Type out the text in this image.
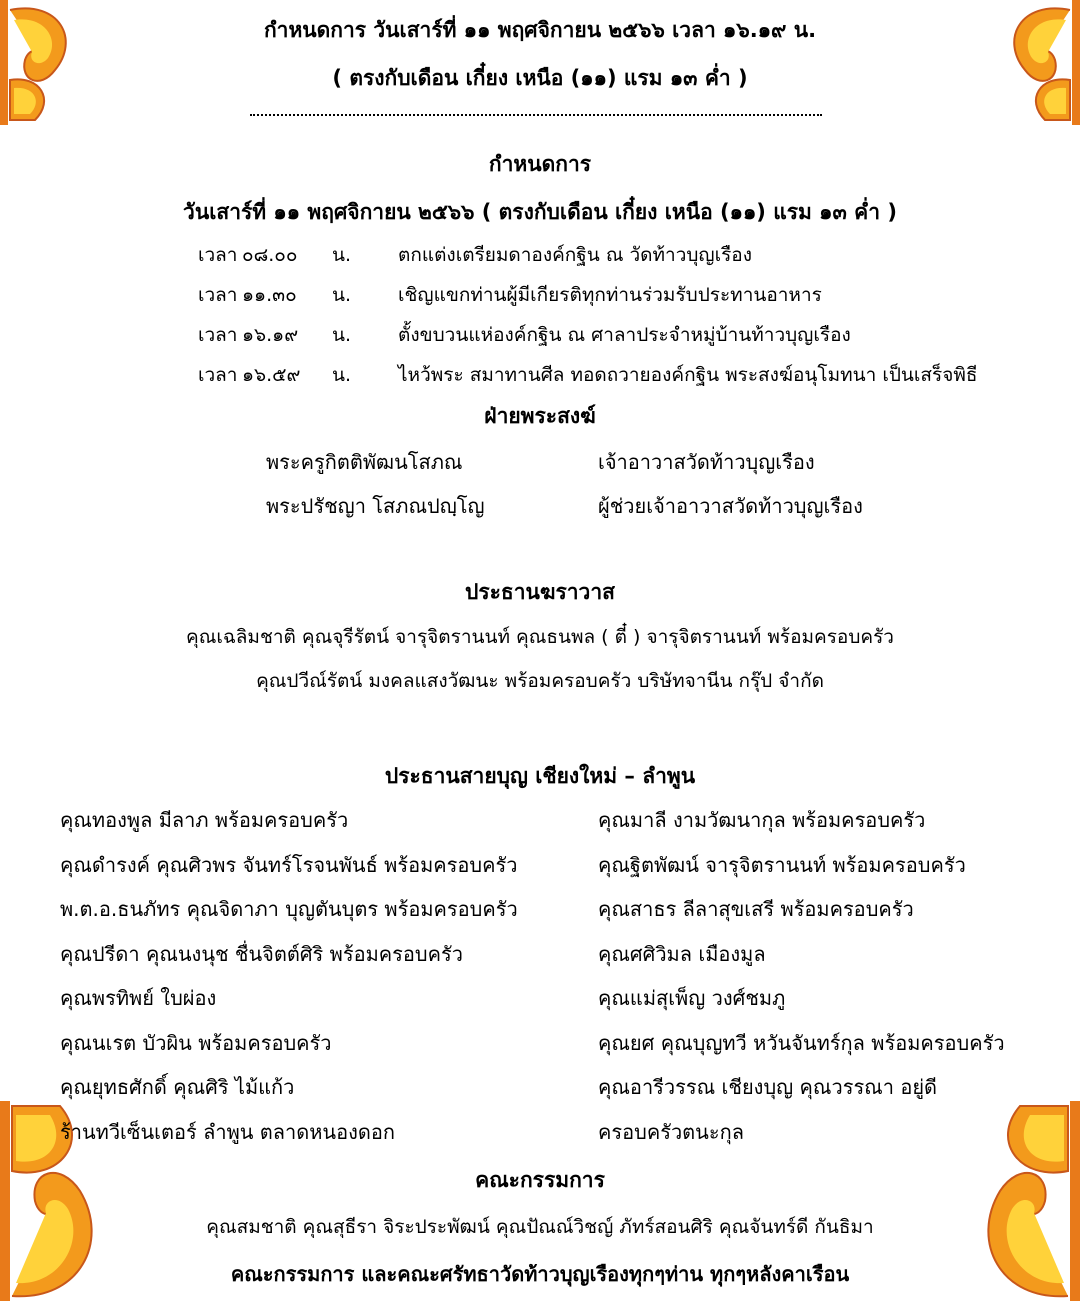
กำหนดการ วันเสาร์ที่ ๑๑ พฤศจิกายน ๒๕๖๖ เวลา ๑๖.๑๙ น.
( ตรงกับเดือน เกี๋ยง เหนือ (๑๑) แรม ๑๓ ค่ำ )
กำหนดการ
วันเสาร์ที่ ๑๑ พฤศจิกายน ๒๕๖๖ ( ตรงกับเดือน เกี๋ยง เหนือ (๑๑) แรม ๑๓ ค่ำ )
เวลา ๐๘.๐๐ น. ตกแต่งเตรียมดาองค์กฐิน ณ วัดท้าวบุญเรือง
เวลา ๑๑.๓๐ น. เชิญแขกท่านผู้มีเกียรติทุกท่านร่วมรับประทานอาหาร
เวลา ๑๖.๑๙ น. ตั้งขบวนแห่องค์กฐิน ณ ศาลาประจำหมู่บ้านท้าวบุญเรือง
เวลา ๑๖.๕๙ น. ไหว้พระ สมาทานศีล ทอดถวายองค์กฐิน พระสงฆ์อนุโมทนา เป็นเสร็จพิธี
ฝ่ายพระสงฆ์
พระครูกิตติพัฒนโสภณ	เจ้าอาวาสวัดท้าวบุญเรือง
พระปรัชญา โสภณปญฺโญ	ผู้ช่วยเจ้าอาวาสวัดท้าวบุญเรือง
ประธานฆราวาส
คุณเฉลิมชาติ คุณจุรีรัตน์ จารุจิตรานนท์ คุณธนพล ( ตี๋ ) จารุจิตรานนท์ พร้อมครอบครัว
คุณปวีณ์รัตน์ มงคลแสงวัฒนะ พร้อมครอบครัว บริษัทจานีน กรุ๊ป จำกัด
ประธานสายบุญ เชียงใหม่ – ลำพูน
คุณทองพูล มีลาภ พร้อมครอบครัว
คุณดำรงค์ คุณศิวพร จันทร์โรจนพันธ์ พร้อมครอบครัว
พ.ต.อ.ธนภัทร คุณจิดาภา บุญตันบุตร พร้อมครอบครัว
คุณปรีดา คุณนงนุช ชื่นจิตต์ศิริ พร้อมครอบครัว
คุณพรทิพย์ ใบผ่อง
คุณนเรต บัวผิน พร้อมครอบครัว
คุณยุทธศักดิ์ คุณศิริ ไม้แก้ว
ร้านทวีเซ็นเตอร์ ลำพูน ตลาดหนองดอก
คุณมาลี งามวัฒนากุล พร้อมครอบครัว
คุณฐิตพัฒน์ จารุจิตรานนท์ พร้อมครอบครัว
คุณสาธร ลีลาสุขเสรี พร้อมครอบครัว
คุณศศิวิมล เมืองมูล
คุณแม่สุเพ็ญ วงศ์ชมภู
คุณยศ คุณบุญทวี หวันจันทร์กุล พร้อมครอบครัว
คุณอารีวรรณ เชียงบุญ คุณวรรณา อยู่ดี
ครอบครัวตนะกุล
คณะกรรมการ
คุณสมชาติ คุณสุธีรา จิระประพัฒน์ คุณปัณณ์วิชญ์ ภัทร์สอนศิริ คุณจันทร์ดี กันธิมา
คณะกรรมการ และคณะศรัทธาวัดท้าวบุญเรืองทุกๆท่าน ทุกๆหลังคาเรือน
